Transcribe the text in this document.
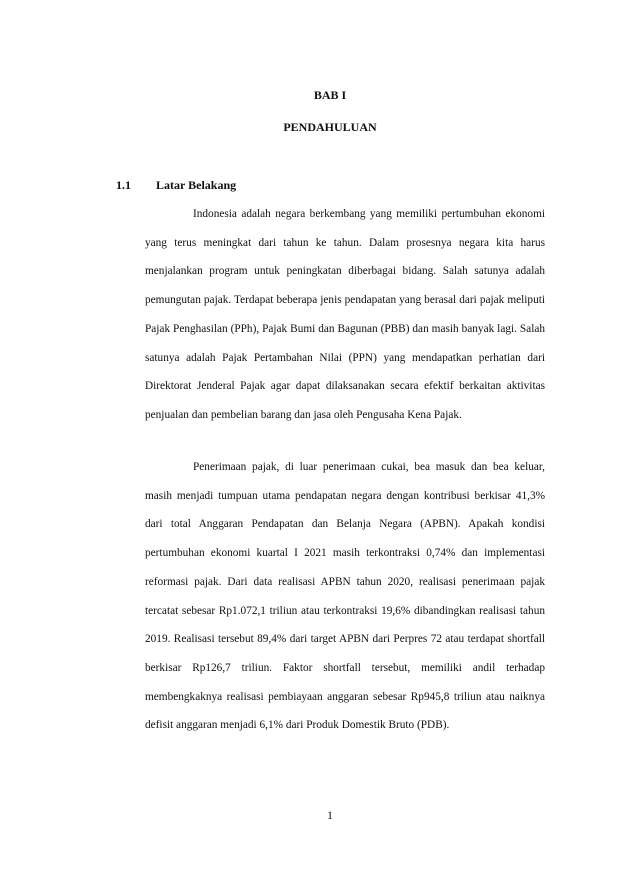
BAB I
PENDAHULUAN
1.1 Latar Belakang

Indonesia adalah negara berkembang yang memiliki pertumbuhan ekonomi yang terus meningkat dari tahun ke tahun. Dalam prosesnya negara kita harus menjalankan program untuk peningkatan diberbagai bidang. Salah satunya adalah pemungutan pajak. Terdapat beberapa jenis pendapatan yang berasal dari pajak meliputi Pajak Penghasilan (PPh), Pajak Bumi dan Bagunan (PBB) dan masih banyak lagi. Salah satunya adalah Pajak Pertambahan Nilai (PPN) yang mendapatkan perhatian dari Direktorat Jenderal Pajak agar dapat dilaksanakan secara efektif berkaitan aktivitas penjualan dan pembelian barang dan jasa oleh Pengusaha Kena Pajak.

Penerimaan pajak, di luar penerimaan cukai, bea masuk dan bea keluar, masih menjadi tumpuan utama pendapatan negara dengan kontribusi berkisar 41,3% dari total Anggaran Pendapatan dan Belanja Negara (APBN). Apakah kondisi pertumbuhan ekonomi kuartal I 2021 masih terkontraksi 0,74% dan implementasi reformasi pajak. Dari data realisasi APBN tahun 2020, realisasi penerimaan pajak tercatat sebesar Rp1.072,1 triliun atau terkontraksi 19,6% dibandingkan realisasi tahun 2019. Realisasi tersebut 89,4% dari target APBN dari Perpres 72 atau terdapat shortfall berkisar Rp126,7 triliun. Faktor shortfall tersebut, memiliki andil terhadap membengkaknya realisasi pembiayaan anggaran sebesar Rp945,8 triliun atau naiknya defisit anggaran menjadi 6,1% dari Produk Domestik Bruto (PDB).

1
